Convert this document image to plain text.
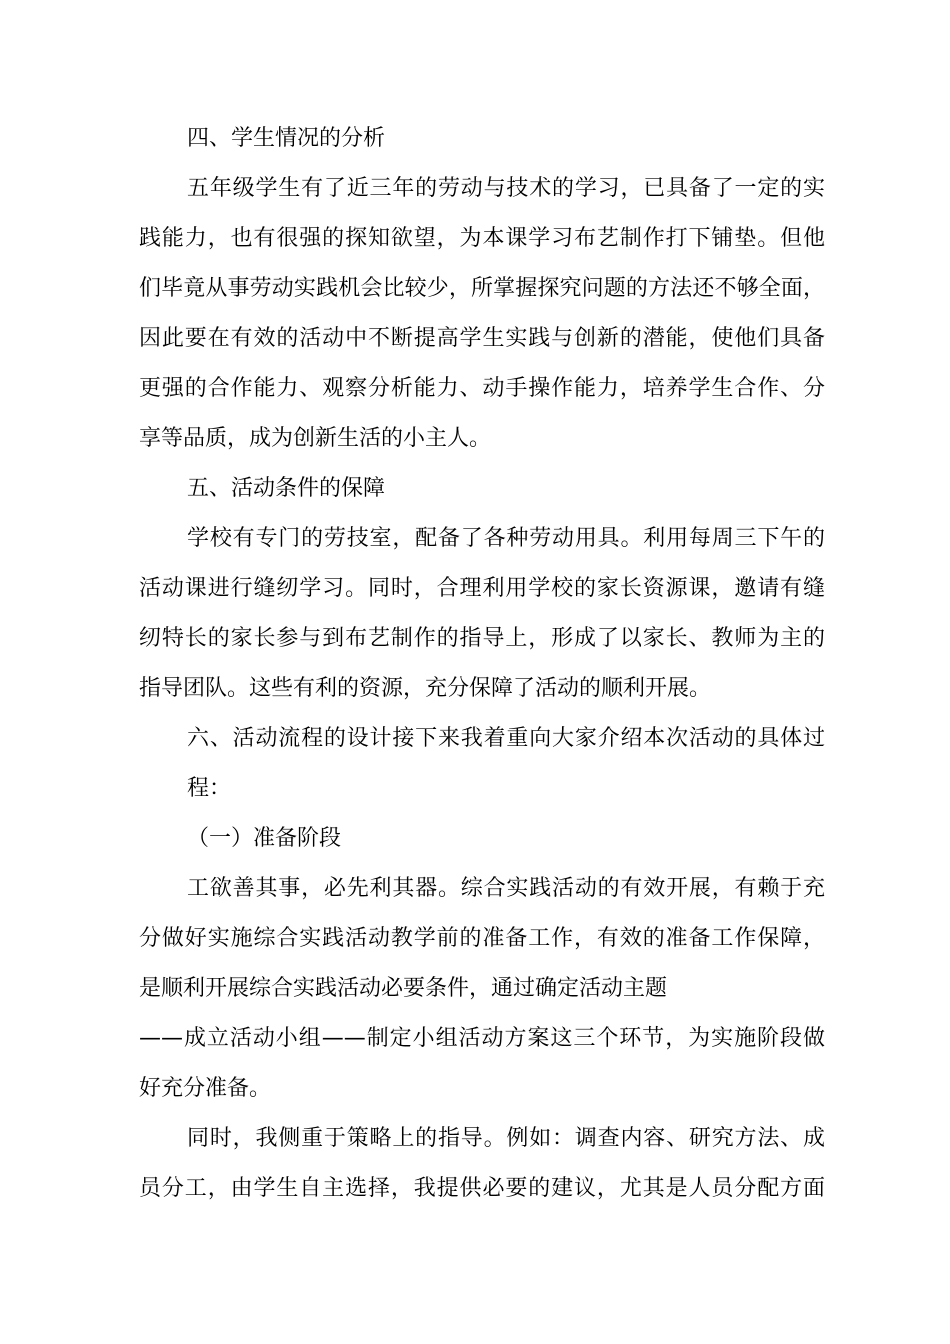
四、学生情况的分析
五年级学生有了近三年的劳动与技术的学习，已具备了一定的实
践能力，也有很强的探知欲望，为本课学习布艺制作打下铺垫。但他
们毕竟从事劳动实践机会比较少，所掌握探究问题的方法还不够全面，
因此要在有效的活动中不断提高学生实践与创新的潜能，使他们具备
更强的合作能力、观察分析能力、动手操作能力，培养学生合作、分
享等品质，成为创新生活的小主人。
五、活动条件的保障
学校有专门的劳技室，配备了各种劳动用具。利用每周三下午的
活动课进行缝纫学习。同时，合理利用学校的家长资源课，邀请有缝
纫特长的家长参与到布艺制作的指导上，形成了以家长、教师为主的
指导团队。这些有利的资源，充分保障了活动的顺利开展。
六、活动流程的设计接下来我着重向大家介绍本次活动的具体过
程：
（一）准备阶段
工欲善其事，必先利其器。综合实践活动的有效开展，有赖于充
分做好实施综合实践活动教学前的准备工作，有效的准备工作保障，
是顺利开展综合实践活动必要条件，通过确定活动主题
——成立活动小组——制定小组活动方案这三个环节，为实施阶段做
好充分准备。
同时，我侧重于策略上的指导。例如：调查内容、研究方法、成
员分工，由学生自主选择，我提供必要的建议，尤其是人员分配方面
